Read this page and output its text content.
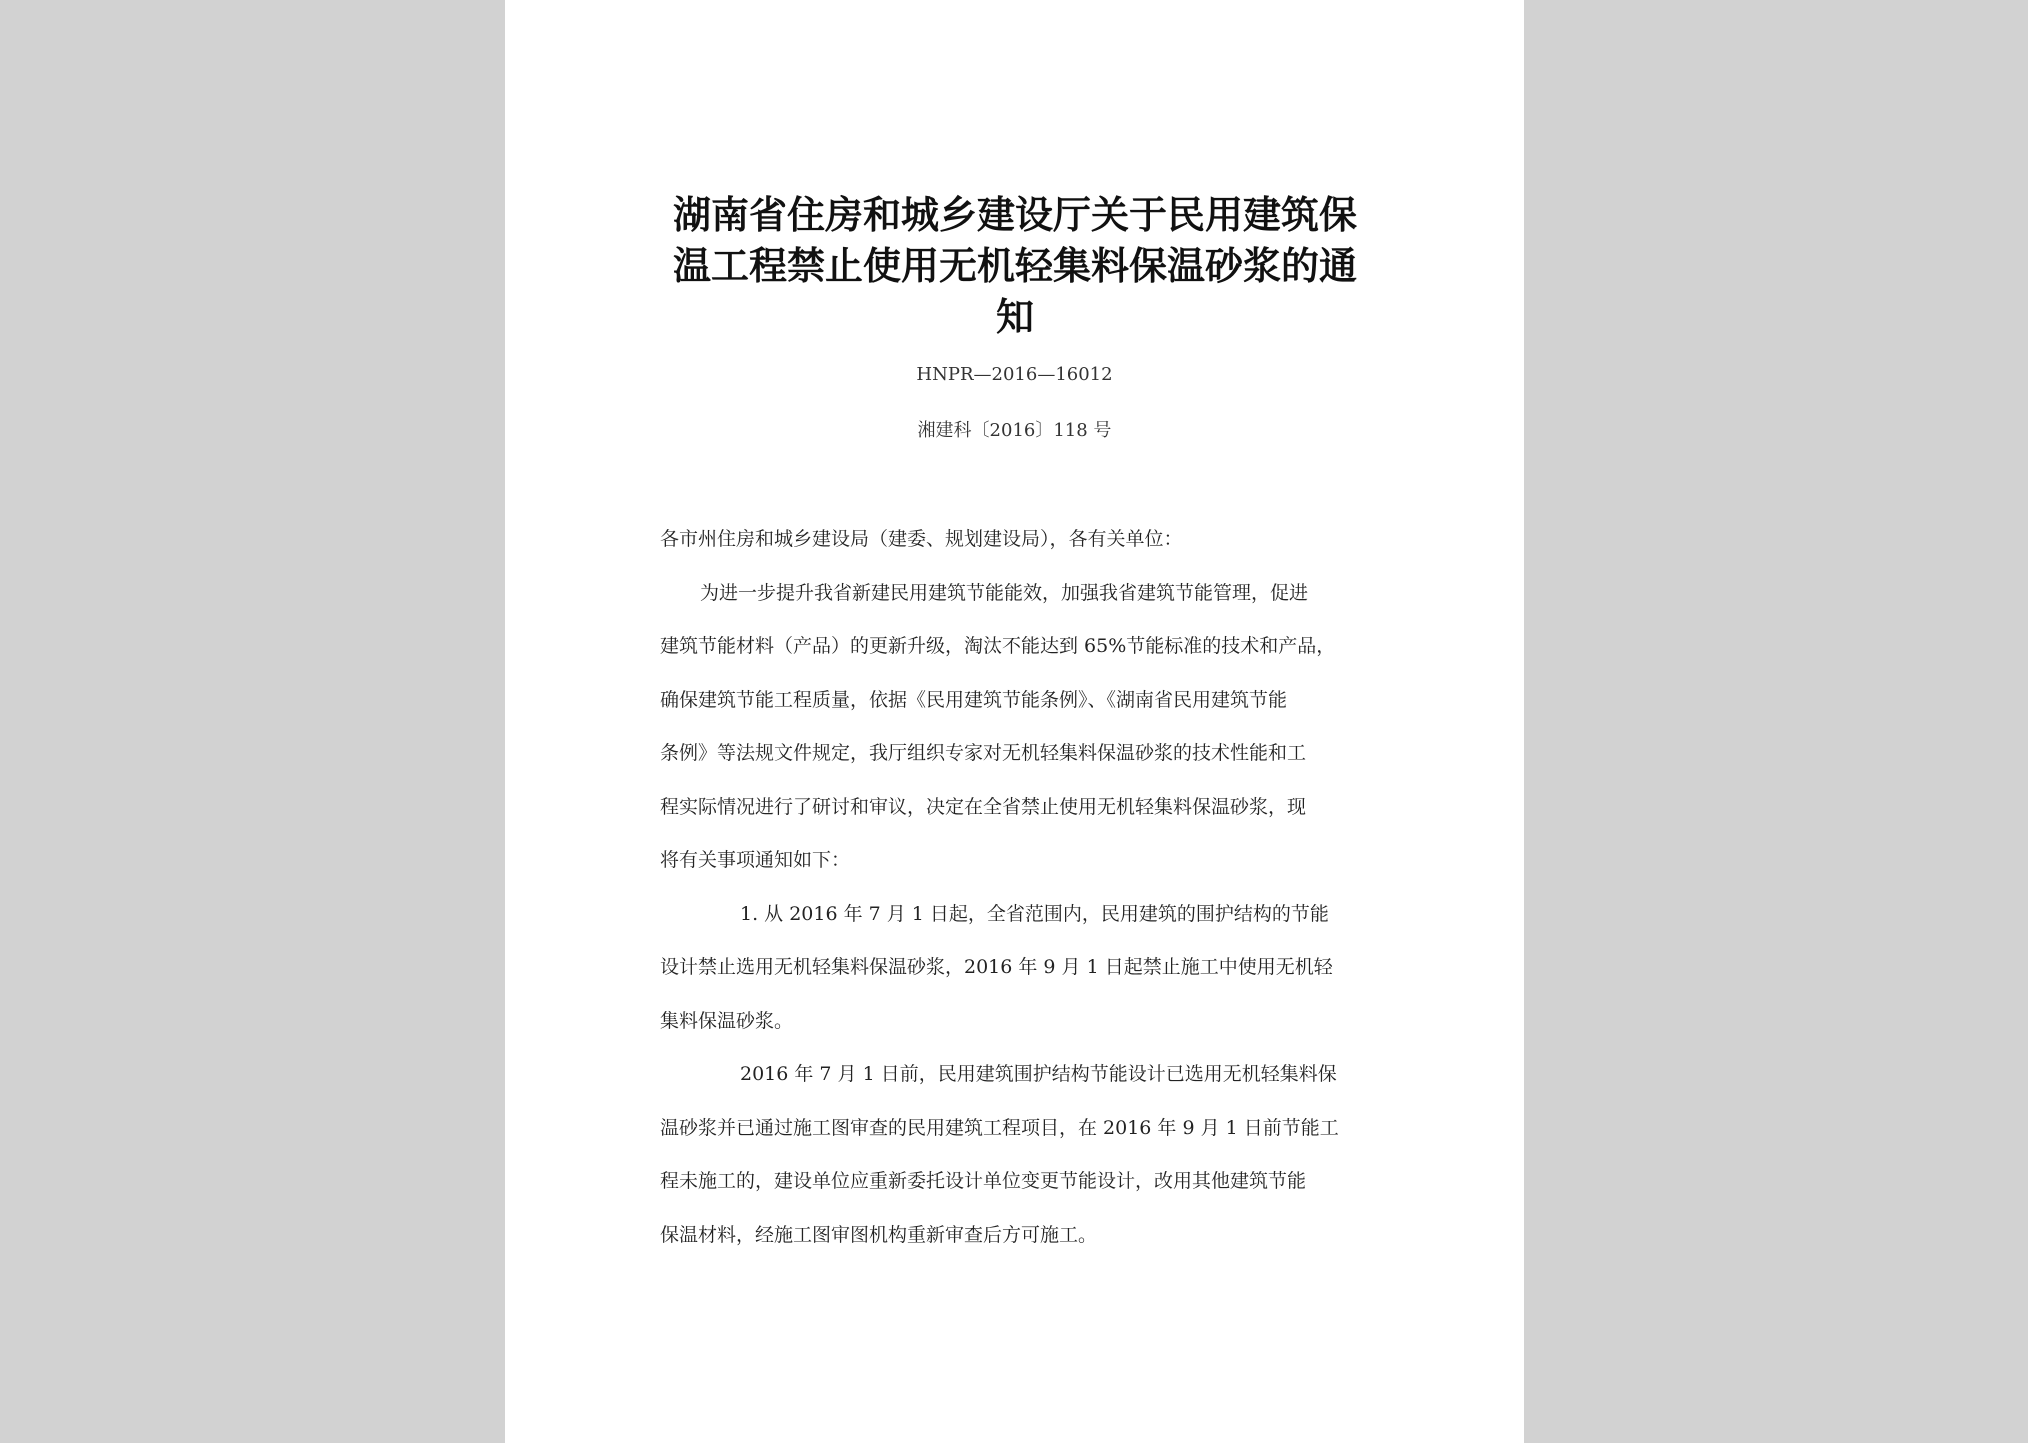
湖南省住房和城乡建设厅关于民用建筑保
温工程禁止使用无机轻集料保温砂浆的通
知
HNPR—2016—16012
湘建科〔2016〕118 号
各市州住房和城乡建设局（建委、规划建设局），各有关单位：
为进一步提升我省新建民用建筑节能能效，加强我省建筑节能管理，促进
建筑节能材料（产品）的更新升级，淘汰不能达到 65%节能标准的技术和产品，
确保建筑节能工程质量，依据《民用建筑节能条例》、《湖南省民用建筑节能
条例》等法规文件规定，我厅组织专家对无机轻集料保温砂浆的技术性能和工
程实际情况进行了研讨和审议，决定在全省禁止使用无机轻集料保温砂浆，现
将有关事项通知如下：
1. 从 2016 年 7 月 1 日起，全省范围内，民用建筑的围护结构的节能
设计禁止选用无机轻集料保温砂浆，2016 年 9 月 1 日起禁止施工中使用无机轻
集料保温砂浆。
2016 年 7 月 1 日前，民用建筑围护结构节能设计已选用无机轻集料保
温砂浆并已通过施工图审查的民用建筑工程项目，在 2016 年 9 月 1 日前节能工
程未施工的，建设单位应重新委托设计单位变更节能设计，改用其他建筑节能
保温材料，经施工图审图机构重新审查后方可施工。
